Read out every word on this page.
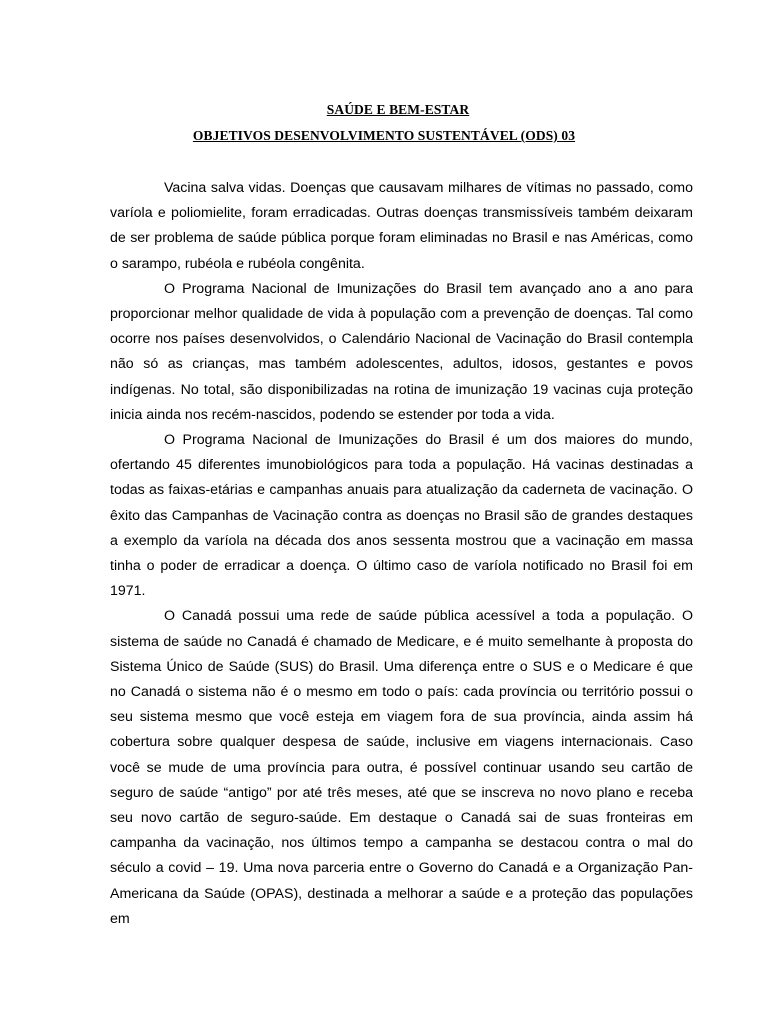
SAÚDE E BEM-ESTAR
OBJETIVOS DESENVOLVIMENTO SUSTENTÁVEL (ODS) 03

Vacina salva vidas. Doenças que causavam milhares de vítimas no passado, como varíola e poliomielite, foram erradicadas. Outras doenças transmissíveis também deixaram de ser problema de saúde pública porque foram eliminadas no Brasil e nas Américas, como o sarampo, rubéola e rubéola congênita.

O Programa Nacional de Imunizações do Brasil tem avançado ano a ano para proporcionar melhor qualidade de vida à população com a prevenção de doenças. Tal como ocorre nos países desenvolvidos, o Calendário Nacional de Vacinação do Brasil contempla não só as crianças, mas também adolescentes, adultos, idosos, gestantes e povos indígenas. No total, são disponibilizadas na rotina de imunização 19 vacinas cuja proteção inicia ainda nos recém-nascidos, podendo se estender por toda a vida.

O Programa Nacional de Imunizações do Brasil é um dos maiores do mundo, ofertando 45 diferentes imunobiológicos para toda a população. Há vacinas destinadas a todas as faixas-etárias e campanhas anuais para atualização da caderneta de vacinação. O êxito das Campanhas de Vacinação contra as doenças no Brasil são de grandes destaques a exemplo da varíola na década dos anos sessenta mostrou que a vacinação em massa tinha o poder de erradicar a doença. O último caso de varíola notificado no Brasil foi em 1971.

O Canadá possui uma rede de saúde pública acessível a toda a população. O sistema de saúde no Canadá é chamado de Medicare, e é muito semelhante à proposta do Sistema Único de Saúde (SUS) do Brasil. Uma diferença entre o SUS e o Medicare é que no Canadá o sistema não é o mesmo em todo o país: cada província ou território possui o seu sistema mesmo que você esteja em viagem fora de sua província, ainda assim há cobertura sobre qualquer despesa de saúde, inclusive em viagens internacionais. Caso você se mude de uma província para outra, é possível continuar usando seu cartão de seguro de saúde “antigo” por até três meses, até que se inscreva no novo plano e receba seu novo cartão de seguro-saúde. Em destaque o Canadá sai de suas fronteiras em campanha da vacinação, nos últimos tempo a campanha se destacou contra o mal do século a covid – 19. Uma nova parceria entre o Governo do Canadá e a Organização Pan-Americana da Saúde (OPAS), destinada a melhorar a saúde e a proteção das populações em
